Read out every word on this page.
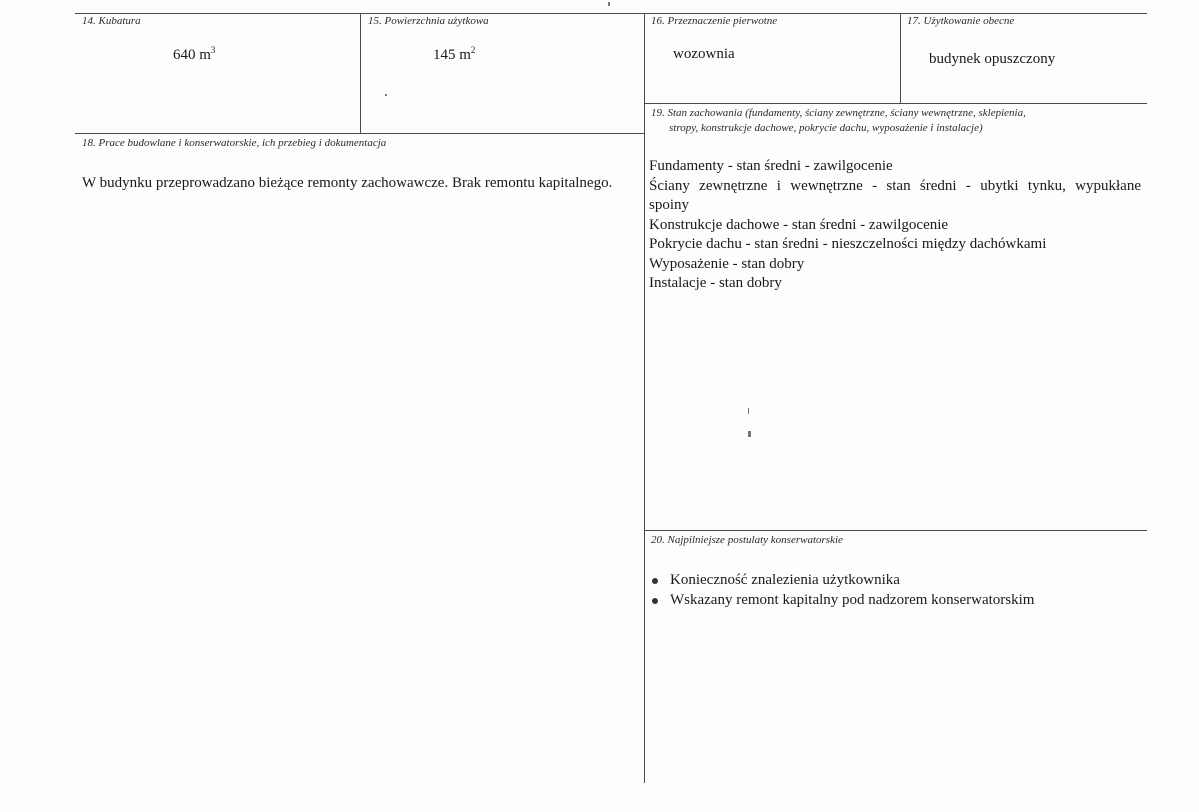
14. Kubatura
640 $m^3$
15. Powierzchnia użytkowa
145 $m^2$
16. Przeznaczenie pierwotne
wozownia
17. Użytkowanie obecne
budynek opuszczony
18. Prace budowlane i konserwatorskie, ich przebieg i dokumentacja
W budynku przeprowadzano bieżące remonty zachowawcze. Brak remontu kapitalnego.
19. Stan zachowania (fundamenty, ściany zewnętrzne, ściany wewnętrzne, sklepienia,
stropy, konstrukcje dachowe, pokrycie dachu, wyposażenie i instalacje)
Fundamenty - stan średni - zawilgocenie
Ściany zewnętrzne i wewnętrzne - stan średni - ubytki tynku, wypukłane
spoiny
Konstrukcje dachowe - stan średni - zawilgocenie
Pokrycie dachu - stan średni - nieszczelności między dachówkami
Wyposażenie - stan dobry
Instalacje - stan dobry
20. Najpilniejsze postulaty konserwatorskie
Konieczność znalezienia użytkownika
Wskazany remont kapitalny pod nadzorem konserwatorskim
